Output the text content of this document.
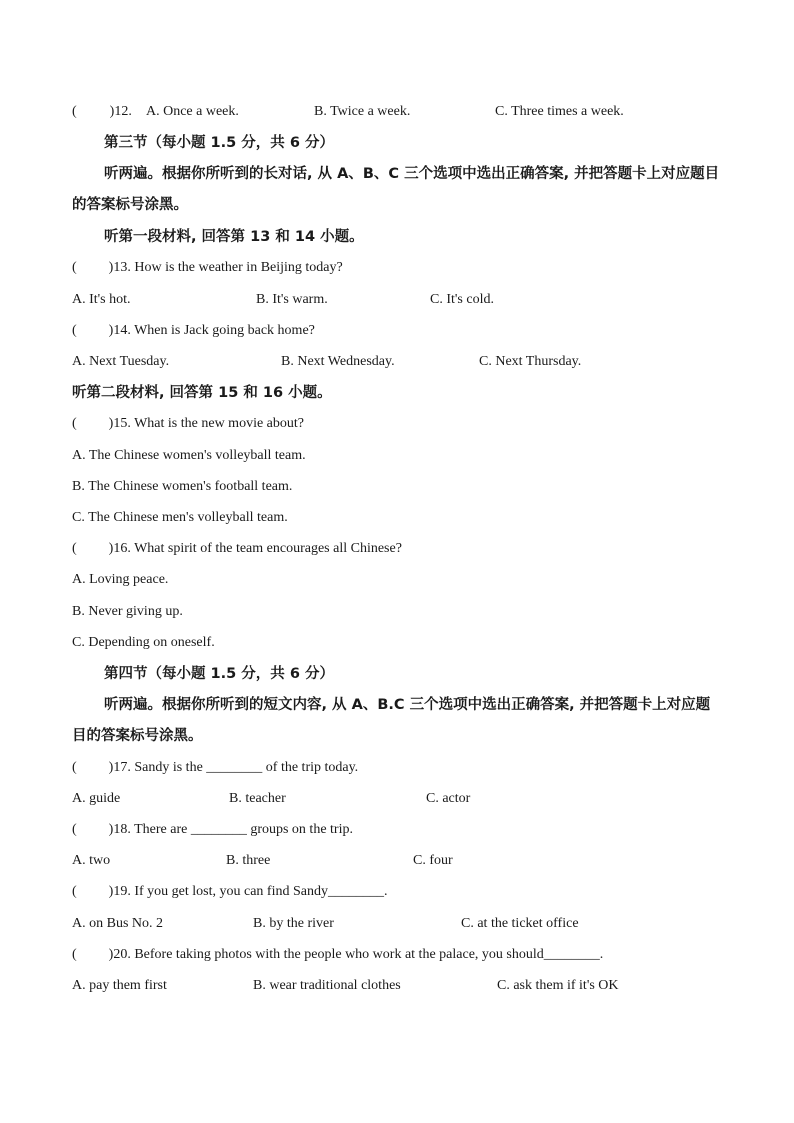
( )12. A. Once a week.	B. Twice a week.	C. Three times a week.
第三节（每小题 1.5 分，共 6 分）
听两遍。根据你所听到的长对话, 从 A、B、C 三个选项中选出正确答案, 并把答题卡上对应题目的答案标号涂黑。
听第一段材料, 回答第 13 和 14 小题。
( )13. How is the weather in Beijing today?
A. It's hot.	B. It's warm.	C. It's cold.
( )14. When is Jack going back home?
A. Next Tuesday.	B. Next Wednesday.	C. Next Thursday.
听第二段材料, 回答第 15 和 16 小题。
( )15. What is the new movie about?
A. The Chinese women's volleyball team.
B. The Chinese women's football team.
C. The Chinese men's volleyball team.
( )16. What spirit of the team encourages all Chinese?
A. Loving peace.
B. Never giving up.
C. Depending on oneself.
第四节（每小题 1.5 分，共 6 分）
听两遍。根据你所听到的短文内容, 从 A、B.C 三个选项中选出正确答案, 并把答题卡上对应题目的答案标号涂黑。
( )17. Sandy is the ________ of the trip today.
A. guide	B. teacher	C. actor
( )18. There are ________ groups on the trip.
A. two	B. three	C. four
( )19. If you get lost, you can find Sandy________.
A. on Bus No. 2	B. by the river	C. at the ticket office
( )20. Before taking photos with the people who work at the palace, you should________.
A. pay them first	B. wear traditional clothes	C. ask them if it's OK
